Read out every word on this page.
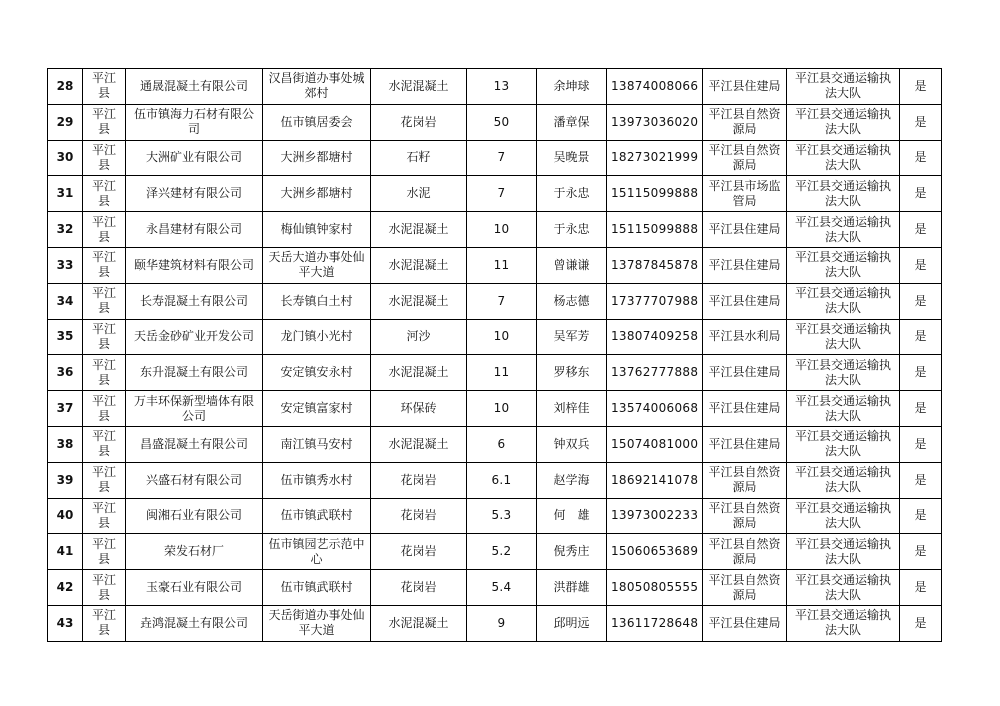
28	平江县	通晟混凝土有限公司	汉昌街道办事处城郊村	水泥混凝土	13	余坤球	13874008066	平江县住建局	平江县交通运输执法大队	是
29	平江县	伍市镇海力石材有限公司	伍市镇居委会	花岗岩	50	潘章保	13973036020	平江县自然资源局	平江县交通运输执法大队	是
30	平江县	大洲矿业有限公司	大洲乡都塘村	石籽	7	吴晚景	18273021999	平江县自然资源局	平江县交通运输执法大队	是
31	平江县	泽兴建材有限公司	大洲乡都塘村	水泥	7	于永忠	15115099888	平江县市场监管局	平江县交通运输执法大队	是
32	平江县	永昌建材有限公司	梅仙镇钟家村	水泥混凝土	10	于永忠	15115099888	平江县住建局	平江县交通运输执法大队	是
33	平江县	颐华建筑材料有限公司	天岳大道办事处仙平大道	水泥混凝土	11	曾谦谦	13787845878	平江县住建局	平江县交通运输执法大队	是
34	平江县	长寿混凝土有限公司	长寿镇白土村	水泥混凝土	7	杨志德	17377707988	平江县住建局	平江县交通运输执法大队	是
35	平江县	天岳金砂矿业开发公司	龙门镇小光村	河沙	10	吴军芳	13807409258	平江县水利局	平江县交通运输执法大队	是
36	平江县	东升混凝土有限公司	安定镇安永村	水泥混凝土	11	罗移东	13762777888	平江县住建局	平江县交通运输执法大队	是
37	平江县	万丰环保新型墙体有限公司	安定镇富家村	环保砖	10	刘梓佳	13574006068	平江县住建局	平江县交通运输执法大队	是
38	平江县	昌盛混凝土有限公司	南江镇马安村	水泥混凝土	6	钟双兵	15074081000	平江县住建局	平江县交通运输执法大队	是
39	平江县	兴盛石材有限公司	伍市镇秀水村	花岗岩	6.1	赵学海	18692141078	平江县自然资源局	平江县交通运输执法大队	是
40	平江县	闽湘石业有限公司	伍市镇武联村	花岗岩	5.3	何　雄	13973002233	平江县自然资源局	平江县交通运输执法大队	是
41	平江县	荣发石材厂	伍市镇园艺示范中心	花岗岩	5.2	倪秀庄	15060653689	平江县自然资源局	平江县交通运输执法大队	是
42	平江县	玉豪石业有限公司	伍市镇武联村	花岗岩	5.4	洪群雄	18050805555	平江县自然资源局	平江县交通运输执法大队	是
43	平江县	垚鸿混凝土有限公司	天岳街道办事处仙平大道	水泥混凝土	9	邱明远	13611728648	平江县住建局	平江县交通运输执法大队	是
